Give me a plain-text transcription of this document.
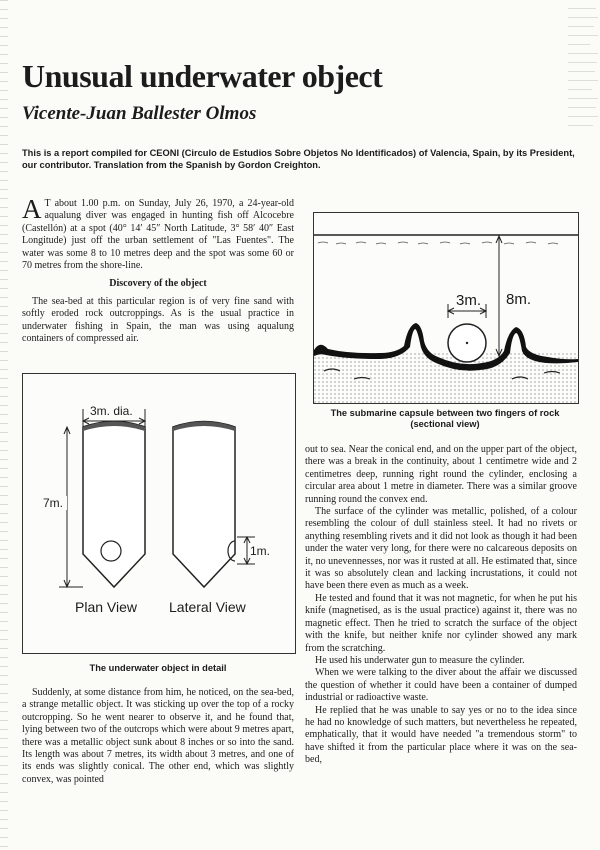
Unusual underwater object
Vicente-Juan Ballester Olmos
This is a report compiled for CEONI (Circulo de Estudios Sobre Objetos No Identificados) of Valencia, Spain, by its President, our contributor. Translation from the Spanish by Gordon Creighton.

A T about 1.00 p.m. on Sunday, July 26, 1970, a 24-year-old aqualung diver was engaged in hunting fish off Alcocebre (Castellón) at a spot (40° 14′ 45″ North Latitude, 3° 58′ 40″ East Longitude) just off the urban settlement of "Las Fuentes". The water was some 8 to 10 metres deep and the spot was some 60 or 70 metres from the shore-line.

Discovery of the object

The sea-bed at this particular region is of very fine sand with softly eroded rock outcroppings. As is the usual practice in underwater fishing in Spain, the man was using aqualung containers of compressed air.

3m. dia.
7m.
1m.
Plan View Lateral View
The underwater object in detail

Suddenly, at some distance from him, he noticed, on the sea-bed, a strange metallic object. It was sticking up over the top of a rocky outcropping. So he went nearer to observe it, and he found that, lying between two of the outcrops which were about 9 metres apart, there was a metallic object sunk about 8 inches or so into the sand. Its length was about 7 metres, its width about 3 metres, and one of its ends was slightly conical. The other end, which was slightly convex, was pointed

3m. 8m.
The submarine capsule between two fingers of rock
(sectional view)

out to sea. Near the conical end, and on the upper part of the object, there was a break in the continuity, about 1 centimetre wide and 2 centimetres deep, running right round the cylinder, enclosing a circular area about 1 metre in diameter. There was a similar groove running round the convex end.

The surface of the cylinder was metallic, polished, of a colour resembling the colour of dull stainless steel. It had no rivets or anything resembling rivets and it did not look as though it had been under the water very long, for there were no calcareous deposits on it, no unevennesses, nor was it rusted at all. He estimated that, since it was so absolutely clean and lacking incrustations, it could not have been there even as much as a week.

He tested and found that it was not magnetic, for when he put his knife (magnetised, as is the usual practice) against it, there was no magnetic effect. Then he tried to scratch the surface of the object with the knife, but neither knife nor cylinder showed any mark from the scratching.

He used his underwater gun to measure the cylinder.

When we were talking to the diver about the affair we discussed the question of whether it could have been a container of dumped industrial or radioactive waste.

He replied that he was unable to say yes or no to the idea since he had no knowledge of such matters, but nevertheless he repeated, emphatically, that it would have needed "a tremendous storm" to have shifted it from the particular place where it was on the sea-bed,
